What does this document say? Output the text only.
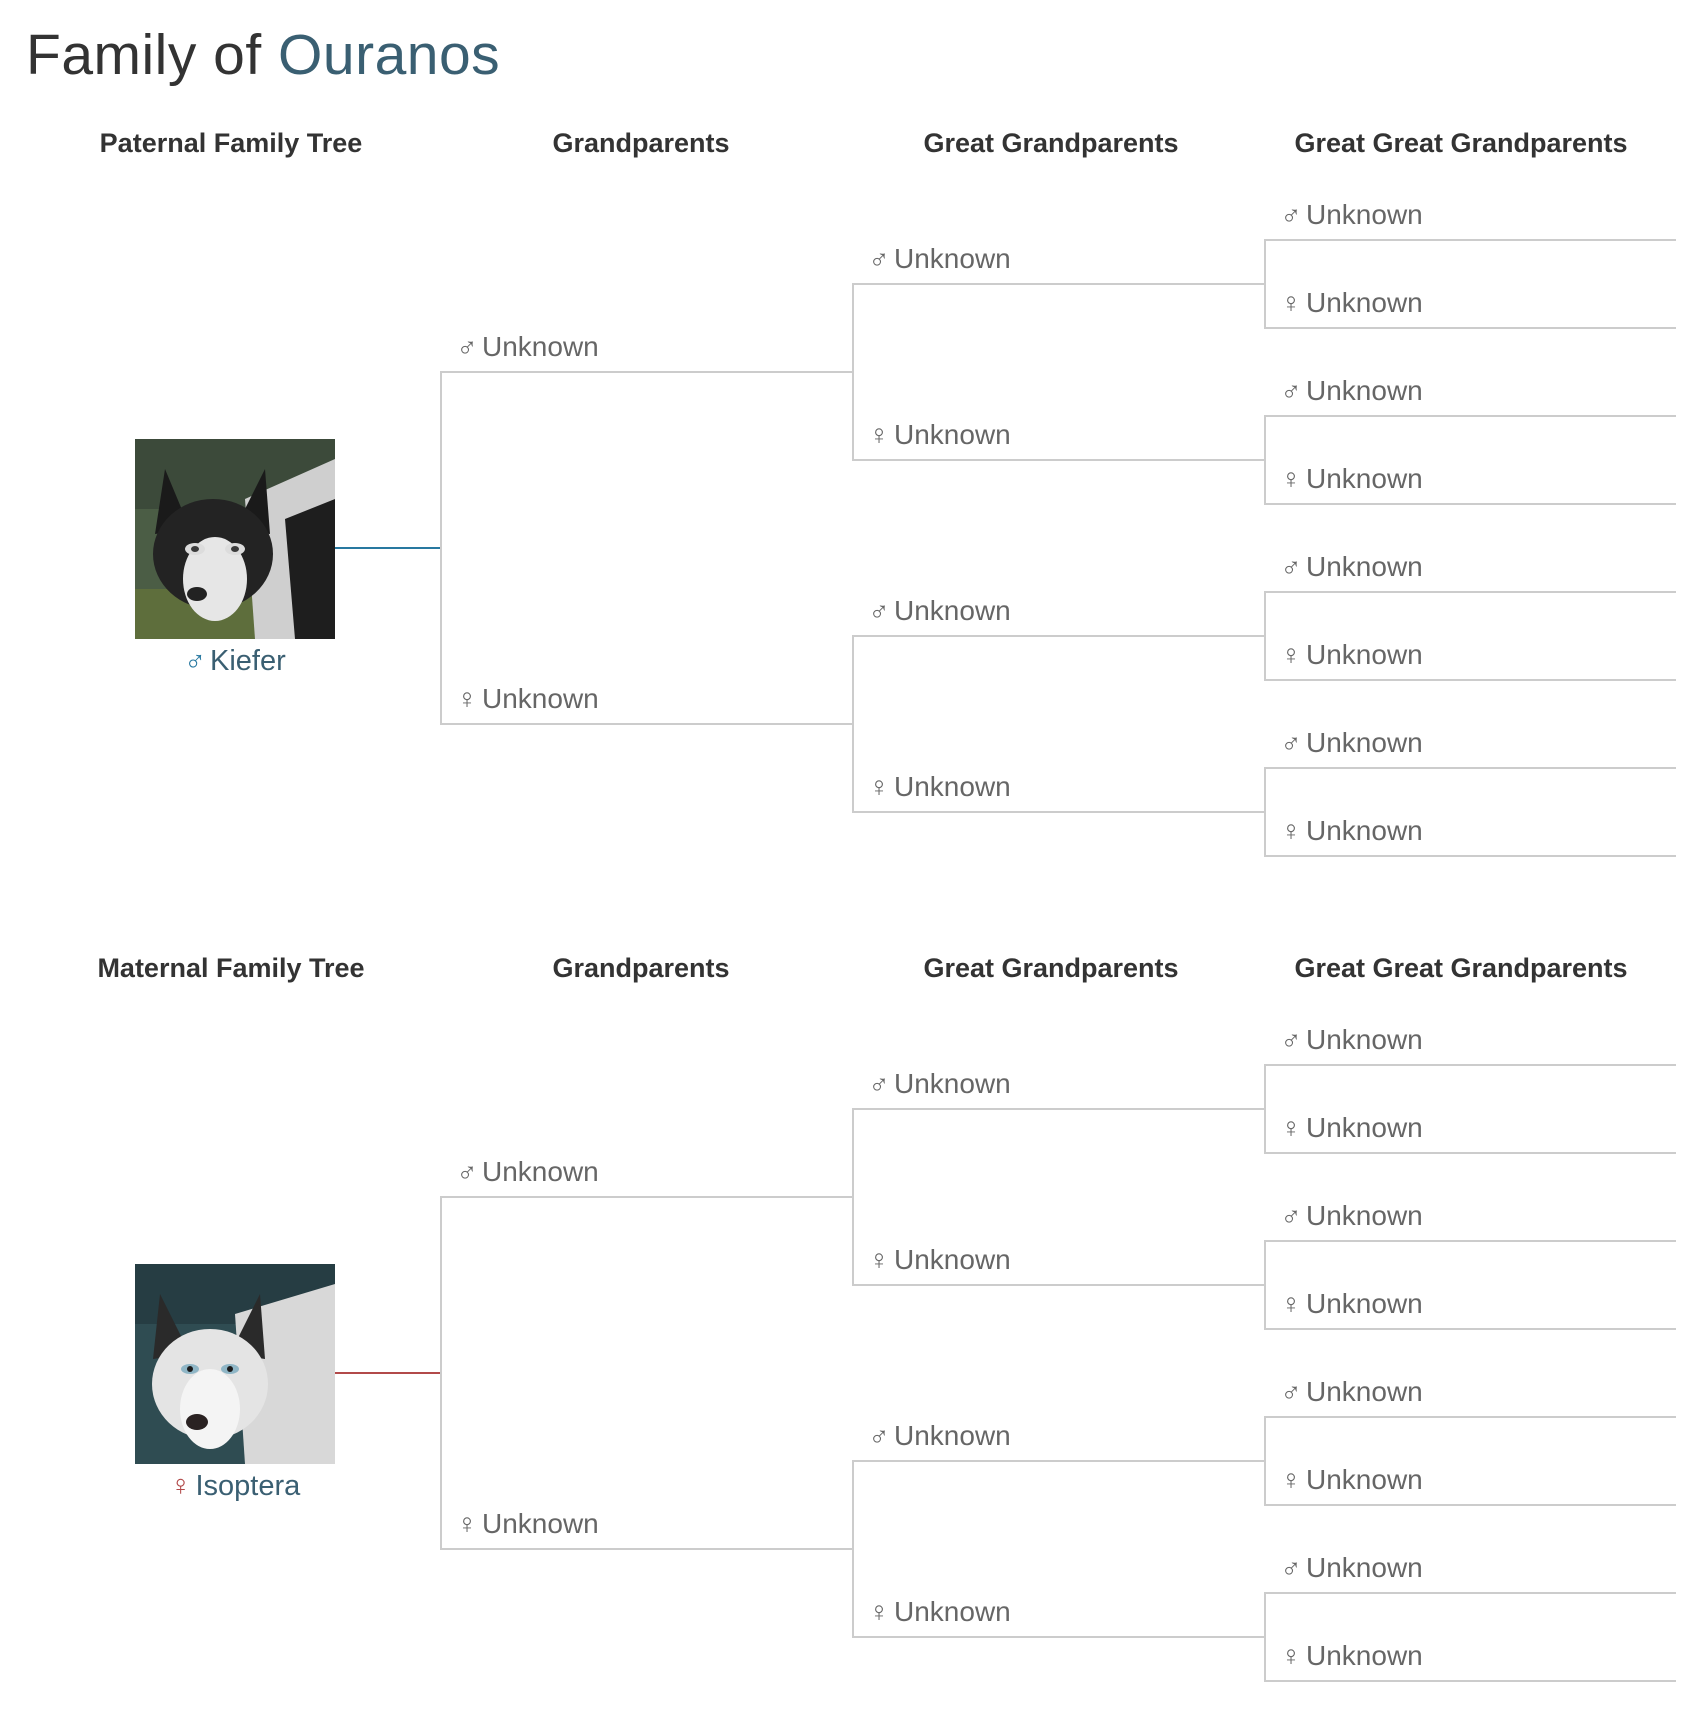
Family of Ouranos
Paternal Family Tree	Grandparents	Great Grandparents	Great Great Grandparents
♂ Kiefer
♂ Unknown
♀ Unknown
♂ Unknown
♀ Unknown
♂ Unknown
♀ Unknown
♂ Unknown
♀ Unknown
♂ Unknown
♀ Unknown
♂ Unknown
♀ Unknown
♂ Unknown
♀ Unknown
Maternal Family Tree	Grandparents	Great Grandparents	Great Great Grandparents
♀ Isoptera
♂ Unknown
♀ Unknown
♂ Unknown
♀ Unknown
♂ Unknown
♀ Unknown
♂ Unknown
♀ Unknown
♂ Unknown
♀ Unknown
♂ Unknown
♀ Unknown
♂ Unknown
♀ Unknown
